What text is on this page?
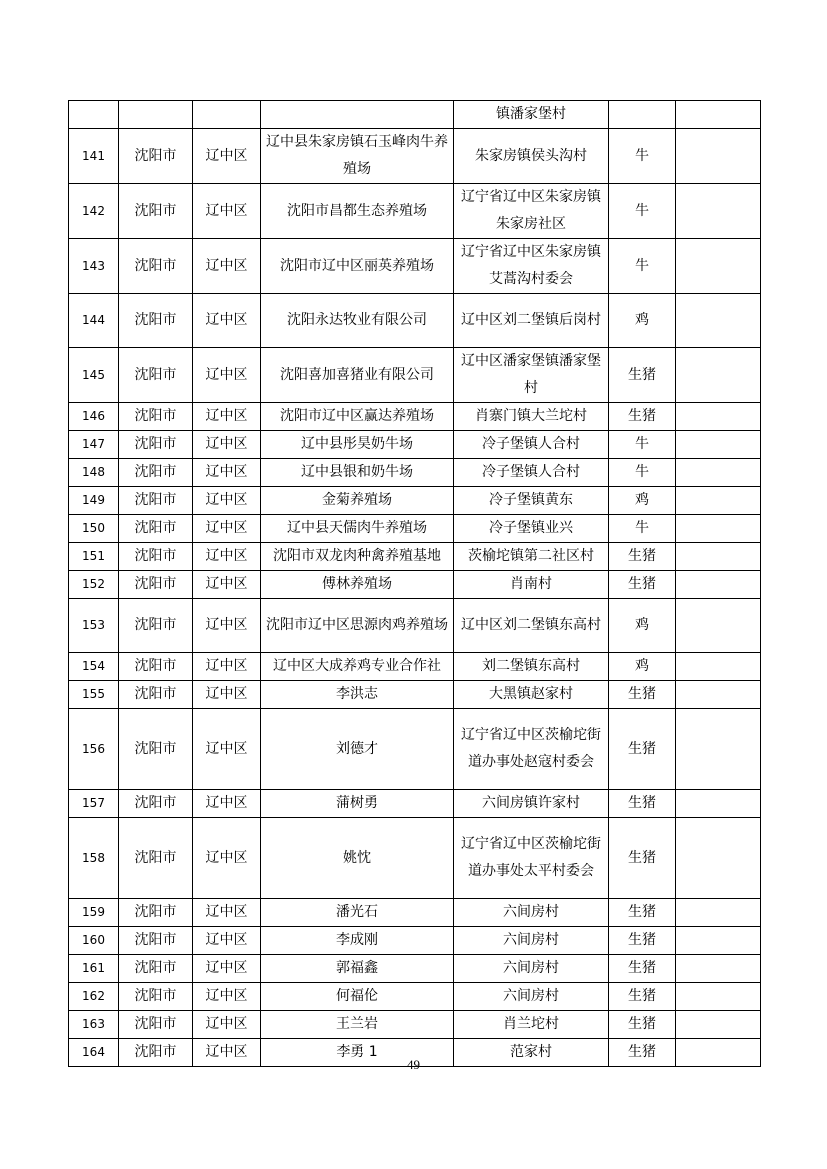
				镇潘家堡村		
141	沈阳市	辽中区	辽中县朱家房镇石玉峰肉牛养殖场	朱家房镇侯头沟村	牛	
142	沈阳市	辽中区	沈阳市昌都生态养殖场	辽宁省辽中区朱家房镇朱家房社区	牛	
143	沈阳市	辽中区	沈阳市辽中区丽英养殖场	辽宁省辽中区朱家房镇艾蒿沟村委会	牛	
144	沈阳市	辽中区	沈阳永达牧业有限公司	辽中区刘二堡镇后岗村	鸡	
145	沈阳市	辽中区	沈阳喜加喜猪业有限公司	辽中区潘家堡镇潘家堡村	生猪	
146	沈阳市	辽中区	沈阳市辽中区赢达养殖场	肖寨门镇大兰坨村	生猪	
147	沈阳市	辽中区	辽中县彤昊奶牛场	冷子堡镇人合村	牛	
148	沈阳市	辽中区	辽中县银和奶牛场	冷子堡镇人合村	牛	
149	沈阳市	辽中区	金菊养殖场	冷子堡镇黄东	鸡	
150	沈阳市	辽中区	辽中县天儒肉牛养殖场	冷子堡镇业兴	牛	
151	沈阳市	辽中区	沈阳市双龙肉种禽养殖基地	茨榆坨镇第二社区村	生猪	
152	沈阳市	辽中区	傅林养殖场	肖南村	生猪	
153	沈阳市	辽中区	沈阳市辽中区思源肉鸡养殖场	辽中区刘二堡镇东高村	鸡	
154	沈阳市	辽中区	辽中区大成养鸡专业合作社	刘二堡镇东高村	鸡	
155	沈阳市	辽中区	李洪志	大黑镇赵家村	生猪	
156	沈阳市	辽中区	刘德才	辽宁省辽中区茨榆坨街道办事处赵寇村委会	生猪	
157	沈阳市	辽中区	蒲树勇	六间房镇许家村	生猪	
158	沈阳市	辽中区	姚忱	辽宁省辽中区茨榆坨街道办事处太平村委会	生猪	
159	沈阳市	辽中区	潘光石	六间房村	生猪	
160	沈阳市	辽中区	李成刚	六间房村	生猪	
161	沈阳市	辽中区	郭福鑫	六间房村	生猪	
162	沈阳市	辽中区	何福伦	六间房村	生猪	
163	沈阳市	辽中区	王兰岩	肖兰坨村	生猪	
164	沈阳市	辽中区	李勇 1	范家村	生猪	
49
